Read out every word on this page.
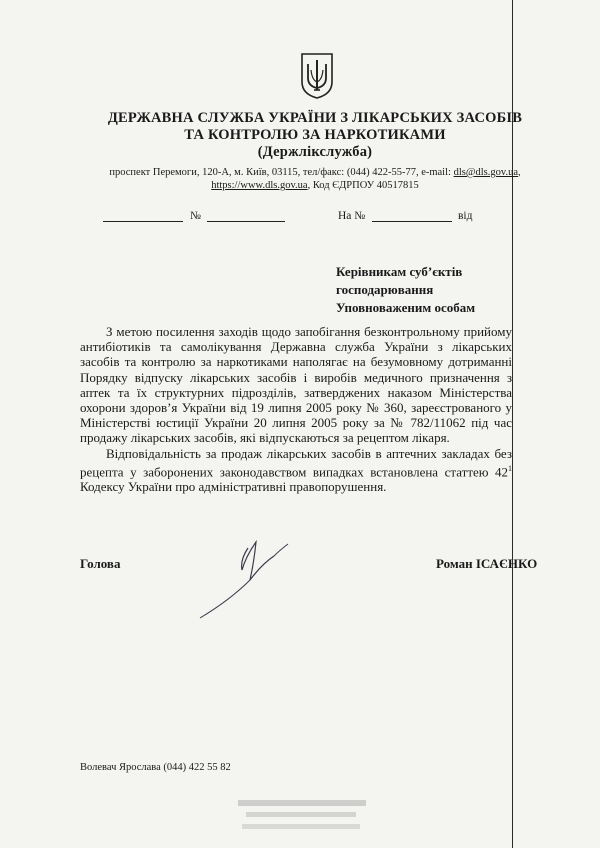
ДЕРЖАВНА СЛУЖБА УКРАЇНИ З ЛІКАРСЬКИХ ЗАСОБІВ
ТА КОНТРОЛЮ ЗА НАРКОТИКАМИ
(Держлікслужба)
проспект Перемоги, 120-А, м. Київ, 03115, тел/факс: (044) 422-55-77, e-mail: dls@dls.gov.ua,
https://www.dls.gov.ua, Код ЄДРПОУ 40517815
№	На №	від
Керівникам суб’єктів
господарювання
Уповноваженим особам

З метою посилення заходів щодо запобігання безконтрольному прийому антибіотиків та самолікування Державна служба України з лікарських засобів та контролю за наркотиками наполягає на безумовному дотриманні Порядку відпуску лікарських засобів і виробів медичного призначення з аптек та їх структурних підрозділів, затверджених наказом Міністерства охорони здоров’я України від 19 липня 2005 року № 360, зареєстрованого у Міністерстві юстиції України 20 липня 2005 року за № 782/11062 під час продажу лікарських засобів, які відпускаються за рецептом лікаря.

Відповідальність за продаж лікарських засобів в аптечних закладах без рецепта у заборонених законодавством випадках встановлена статтею $42^1$ Кодексу України про адміністративні правопорушення.

Голова	Роман ІСАЄНКО
Волевач Ярослава (044) 422 55 82
